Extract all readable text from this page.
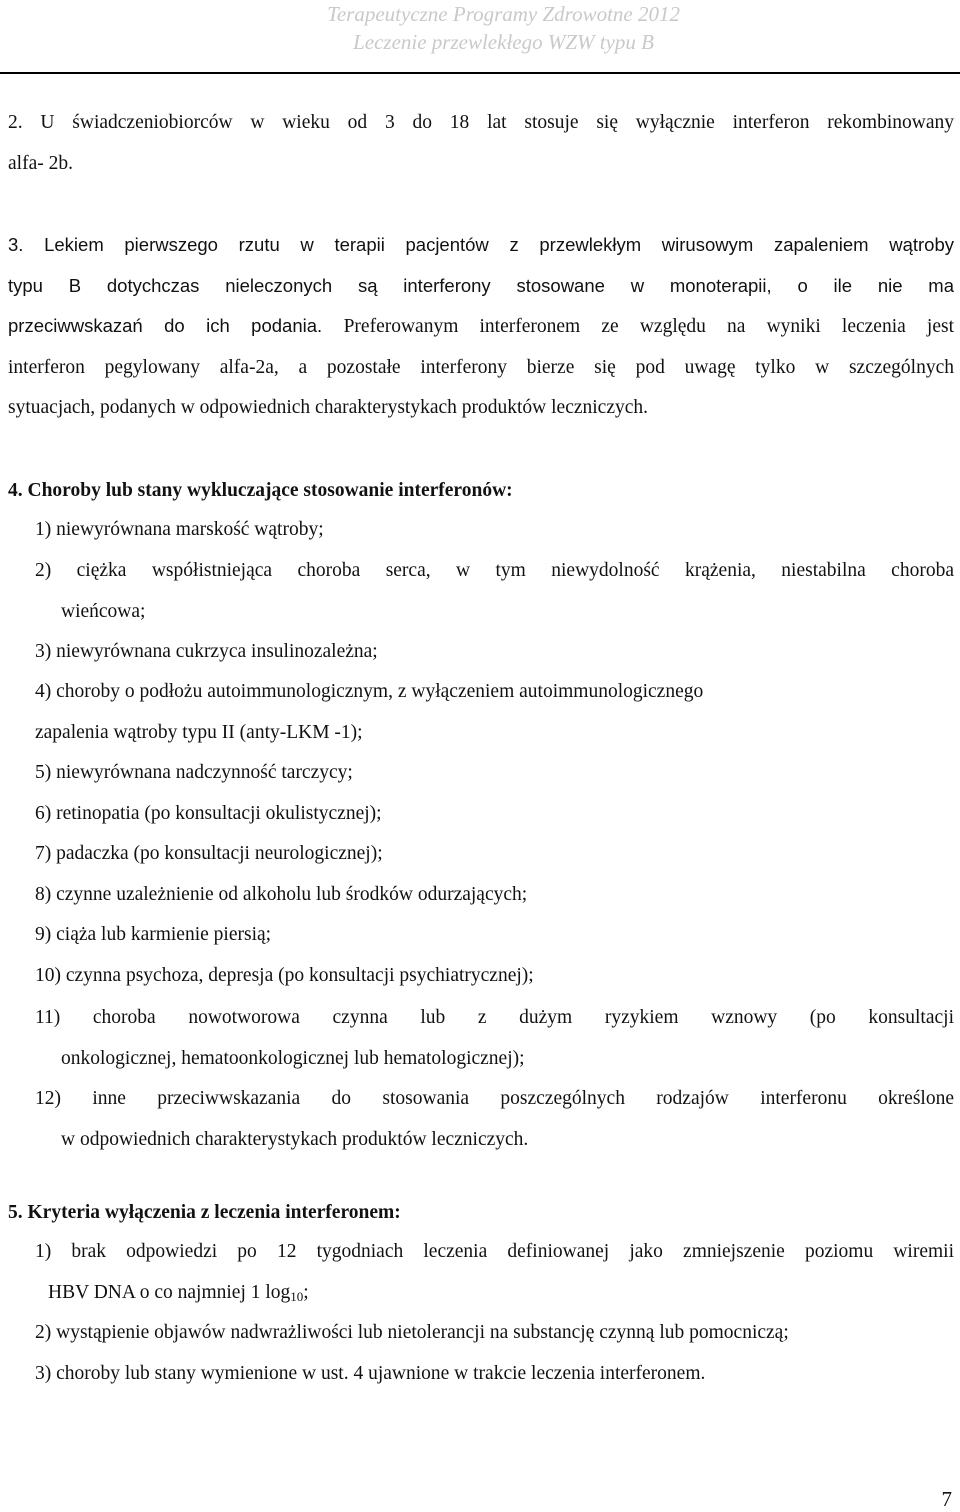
Terapeutyczne Programy Zdrowotne 2012
Leczenie przewlekłego WZW typu B
2. U świadczeniobiorców w wieku od 3 do 18 lat stosuje się wyłącznie interferon rekombinowany
alfa- 2b.
3. Lekiem pierwszego rzutu w terapii pacjentów z przewlekłym wirusowym zapaleniem wątroby
typu B dotychczas nieleczonych są interferony stosowane w monoterapii, o ile nie ma
przeciwwskazań do ich podania. Preferowanym interferonem ze względu na wyniki leczenia jest
interferon pegylowany alfa-2a, a pozostałe interferony bierze się pod uwagę tylko w szczególnych
sytuacjach, podanych w odpowiednich charakterystykach produktów leczniczych.
4. Choroby lub stany wykluczające stosowanie interferonów:
1) niewyrównana marskość wątroby;
2) ciężka współistniejąca choroba serca, w tym niewydolność krążenia, niestabilna choroba
wieńcowa;
3) niewyrównana cukrzyca insulinozależna;
4) choroby o podłożu autoimmunologicznym, z wyłączeniem autoimmunologicznego
zapalenia wątroby typu II (anty-LKM -1);
5) niewyrównana nadczynność tarczycy;
6) retinopatia (po konsultacji okulistycznej);
7) padaczka (po konsultacji neurologicznej);
8) czynne uzależnienie od alkoholu lub środków odurzających;
9) ciąża lub karmienie piersią;
10) czynna psychoza, depresja (po konsultacji psychiatrycznej);
11) choroba nowotworowa czynna lub z dużym ryzykiem wznowy (po konsultacji
onkologicznej, hematoonkologicznej lub hematologicznej);
12) inne przeciwwskazania do stosowania poszczególnych rodzajów interferonu określone
w odpowiednich charakterystykach produktów leczniczych.
5. Kryteria wyłączenia z leczenia interferonem:
1) brak odpowiedzi po 12 tygodniach leczenia definiowanej jako zmniejszenie poziomu wiremii
HBV DNA o co najmniej 1 $\log_{10}$;
2) wystąpienie objawów nadwrażliwości lub nietolerancji na substancję czynną lub pomocniczą;
3) choroby lub stany wymienione w ust. 4 ujawnione w trakcie leczenia interferonem.
7
